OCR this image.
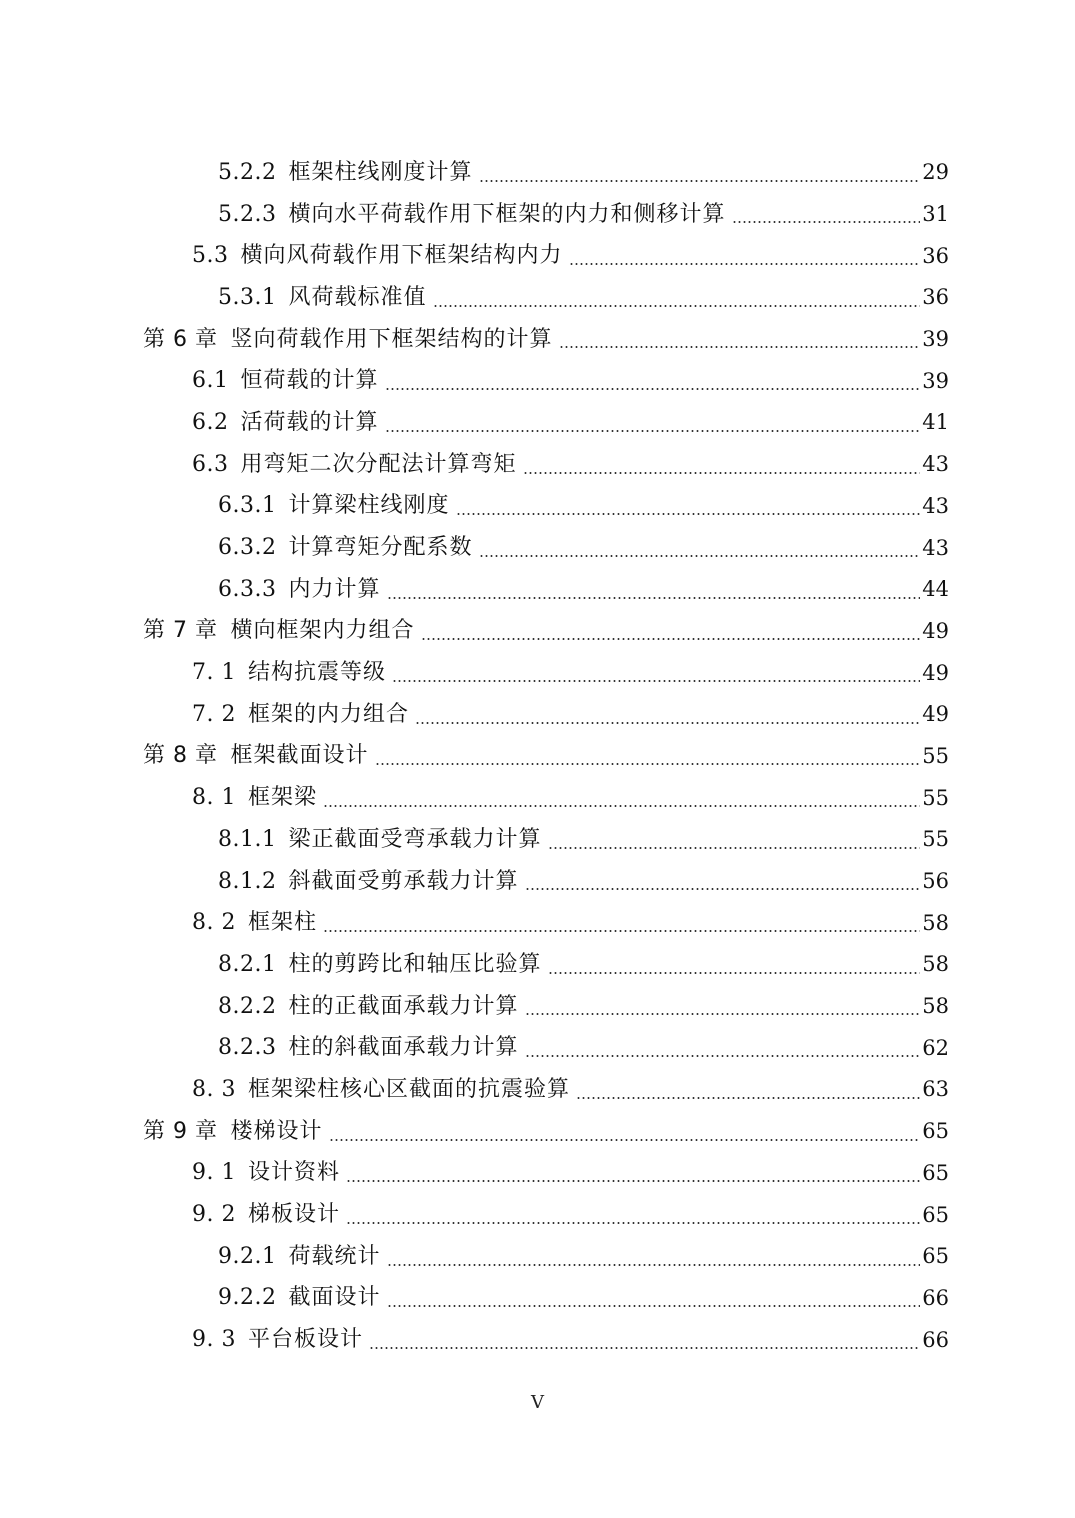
5.2.2 框架柱线刚度计算	29
5.2.3 横向水平荷载作用下框架的内力和侧移计算	31
5.3 横向风荷载作用下框架结构内力	36
5.3.1 风荷载标准值	36
第 6 章 竖向荷载作用下框架结构的计算	39
6.1 恒荷载的计算	39
6.2 活荷载的计算	41
6.3 用弯矩二次分配法计算弯矩	43
6.3.1 计算梁柱线刚度	43
6.3.2 计算弯矩分配系数	43
6.3.3 内力计算	44
第 7 章 横向框架内力组合	49
7. 1 结构抗震等级	49
7. 2 框架的内力组合	49
第 8 章 框架截面设计	55
8. 1 框架梁	55
8.1.1 梁正截面受弯承载力计算	55
8.1.2 斜截面受剪承载力计算	56
8. 2 框架柱	58
8.2.1 柱的剪跨比和轴压比验算	58
8.2.2 柱的正截面承载力计算	58
8.2.3 柱的斜截面承载力计算	62
8. 3 框架梁柱核心区截面的抗震验算	63
第 9 章 楼梯设计	65
9. 1 设计资料	65
9. 2 梯板设计	65
9.2.1 荷载统计	65
9.2.2 截面设计	66
9. 3 平台板设计	66
V
